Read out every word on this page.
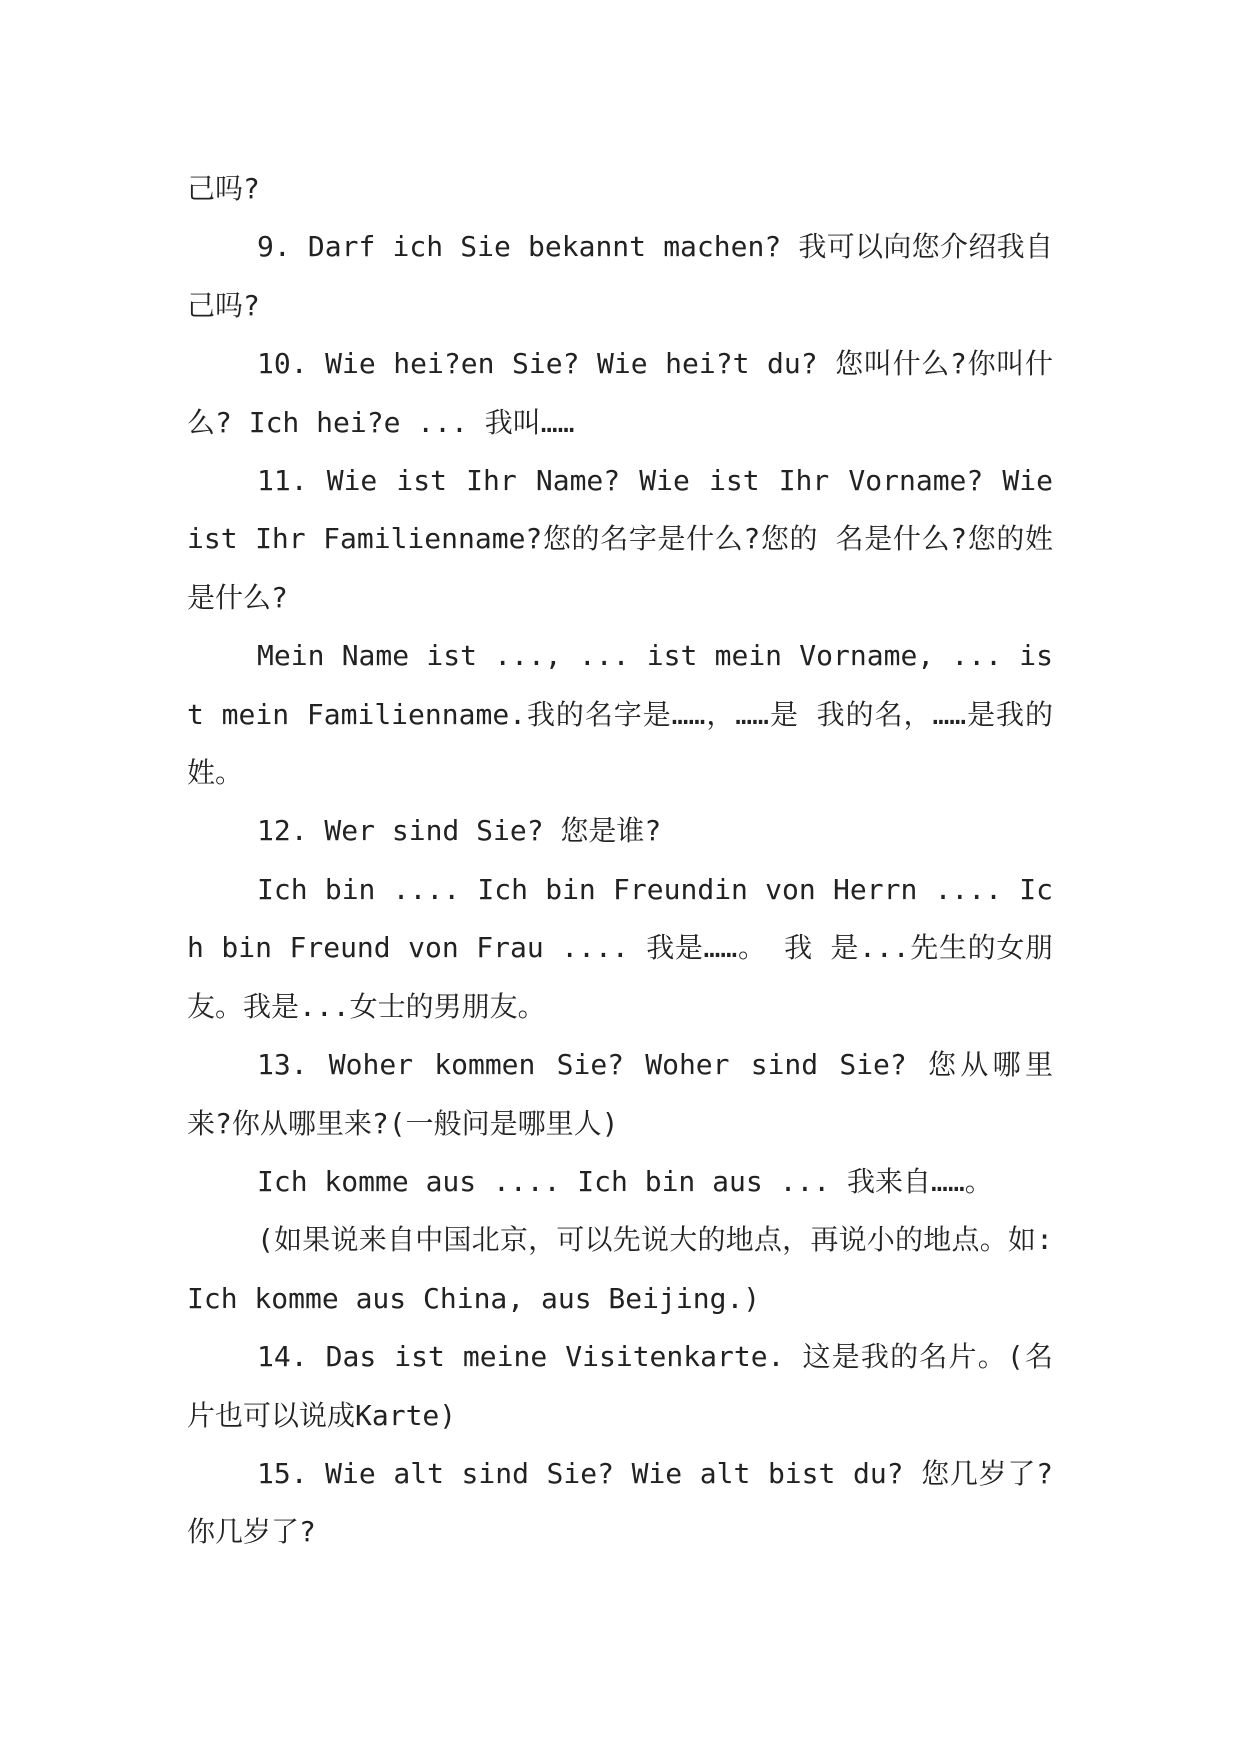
己吗?

9. Darf ich Sie bekannt machen? 我可以向您介绍我自己吗?

10. Wie hei?en Sie? Wie hei?t du? 您叫什么?你叫什么? Ich hei?e ... 我叫……

11. Wie ist Ihr Name? Wie ist Ihr Vorname? Wie ist Ihr Familienname?您的名字是什么?您的 名是什么?您的姓是什么?

Mein Name ist ..., ... ist mein Vorname, ... ist mein Familienname.我的名字是……，……是 我的名，……是我的姓。

12. Wer sind Sie? 您是谁?

Ich bin .... Ich bin Freundin von Herrn .... Ich bin Freund von Frau .... 我是……。 我 是...先生的女朋友。我是...女士的男朋友。

13. Woher kommen Sie? Woher sind Sie? 您从哪里来?你从哪里来?(一般问是哪里人)

Ich komme aus .... Ich bin aus ... 我来自……。

(如果说来自中国北京，可以先说大的地点，再说小的地点。如: Ich komme aus China, aus Beijing.)

14. Das ist meine Visitenkarte. 这是我的名片。(名片也可以说成Karte)

15. Wie alt sind Sie? Wie alt bist du? 您几岁了?你几岁了?
